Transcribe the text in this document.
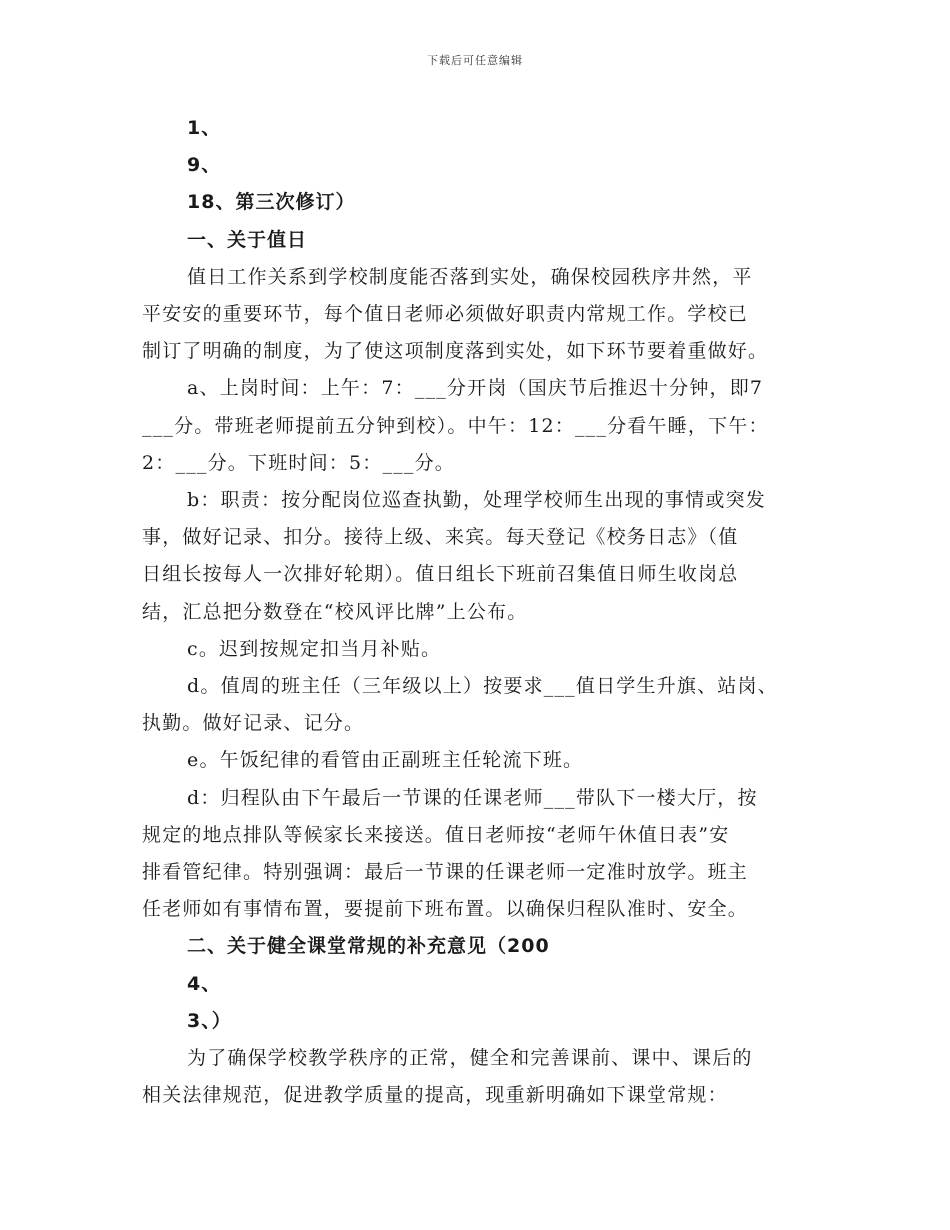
下载后可任意编辑
1、
9、
18、第三次修订）
一、关于值日
值日工作关系到学校制度能否落到实处，确保校园秩序井然，平
平安安的重要环节，每个值日老师必须做好职责内常规工作。学校已
制订了明确的制度，为了使这项制度落到实处，如下环节要着重做好。
a、上岗时间：上午：7：___分开岗（国庆节后推迟十分钟，即7
___分。带班老师提前五分钟到校）。中午：12：___分看午睡，下午：
2：___分。下班时间：5：___分。
b：职责：按分配岗位巡查执勤，处理学校师生出现的事情或突发
事，做好记录、扣分。接待上级、来宾。每天登记《校务日志》（值
日组长按每人一次排好轮期）。值日组长下班前召集值日师生收岗总
结，汇总把分数登在“校风评比牌”上公布。
c。迟到按规定扣当月补贴。
d。值周的班主任（三年级以上）按要求___值日学生升旗、站岗、
执勤。做好记录、记分。
e。午饭纪律的看管由正副班主任轮流下班。
d：归程队由下午最后一节课的任课老师___带队下一楼大厅，按
规定的地点排队等候家长来接送。值日老师按“老师午休值日表”安
排看管纪律。特别强调：最后一节课的任课老师一定准时放学。班主
任老师如有事情布置，要提前下班布置。以确保归程队准时、安全。
二、关于健全课堂常规的补充意见（200
4、
3、）
为了确保学校教学秩序的正常，健全和完善课前、课中、课后的
相关法律规范，促进教学质量的提高，现重新明确如下课堂常规：
